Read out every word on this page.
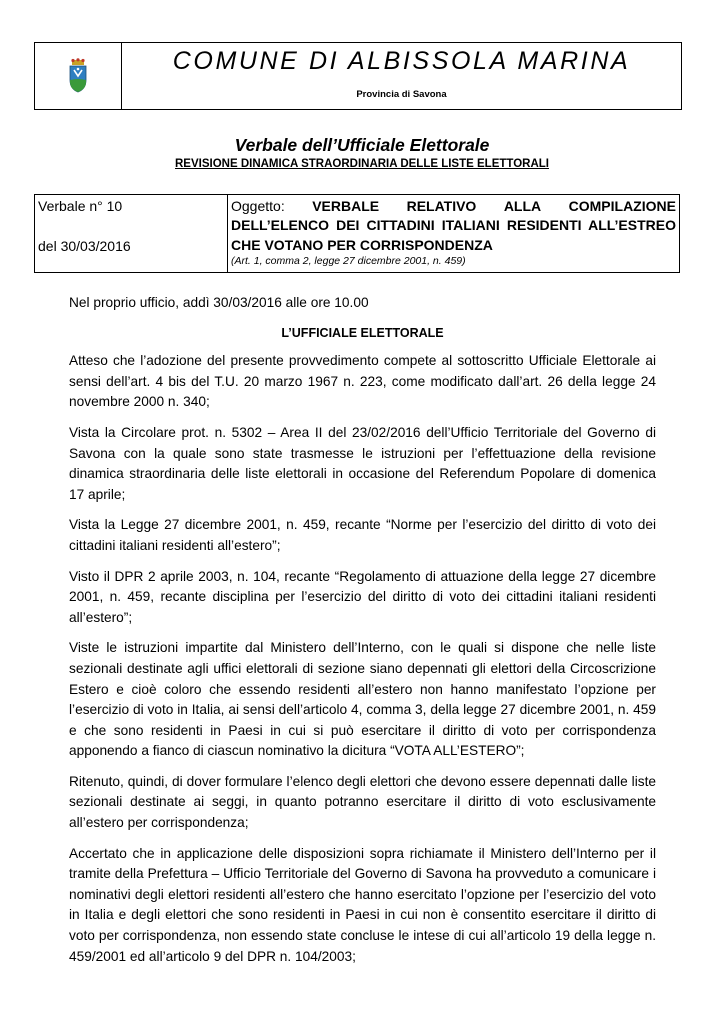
COMUNE DI ALBISSOLA MARINA
Provincia di Savona
Verbale dell’Ufficiale Elettorale
REVISIONE DINAMICA STRAORDINARIA DELLE LISTE ELETTORALI
Verbale n° 10
del 30/03/2016
Oggetto: VERBALE RELATIVO ALLA COMPILAZIONE
DELL’ELENCO DEI CITTADINI ITALIANI RESIDENTI ALL’ESTREO CHE VOTANO PER CORRISPONDENZA
(Art. 1, comma 2, legge 27 dicembre 2001, n. 459)

Nel proprio ufficio, addì 30/03/2016 alle ore 10.00

L’UFFICIALE ELETTORALE

Atteso che l’adozione del presente provvedimento compete al sottoscritto Ufficiale Elettorale ai sensi dell’art. 4 bis del T.U. 20 marzo 1967 n. 223, come modificato dall’art. 26 della legge 24 novembre 2000 n. 340;

Vista la Circolare prot. n. 5302 – Area II del 23/02/2016 dell’Ufficio Territoriale del Governo di Savona con la quale sono state trasmesse le istruzioni per l’effettuazione della revisione dinamica straordinaria delle liste elettorali in occasione del Referendum Popolare di domenica 17 aprile;

Vista la Legge 27 dicembre 2001, n. 459, recante “Norme per l’esercizio del diritto di voto dei cittadini italiani residenti all’estero”;

Visto il DPR 2 aprile 2003, n. 104, recante “Regolamento di attuazione della legge 27 dicembre 2001, n. 459, recante disciplina per l’esercizio del diritto di voto dei cittadini italiani residenti all’estero”;

Viste le istruzioni impartite dal Ministero dell’Interno, con le quali si dispone che nelle liste sezionali destinate agli uffici elettorali di sezione siano depennati gli elettori della Circoscrizione Estero e cioè coloro che essendo residenti all’estero non hanno manifestato l’opzione per l’esercizio di voto in Italia, ai sensi dell’articolo 4, comma 3, della legge 27 dicembre 2001, n. 459 e che sono residenti in Paesi in cui si può esercitare il diritto di voto per corrispondenza apponendo a fianco di ciascun nominativo la dicitura “VOTA ALL’ESTERO”;

Ritenuto, quindi, di dover formulare l’elenco degli elettori che devono essere depennati dalle liste sezionali destinate ai seggi, in quanto potranno esercitare il diritto di voto esclusivamente all’estero per corrispondenza;

Accertato che in applicazione delle disposizioni sopra richiamate il Ministero dell’Interno per il tramite della Prefettura – Ufficio Territoriale del Governo di Savona ha provveduto a comunicare i nominativi degli elettori residenti all’estero che hanno esercitato l’opzione per l’esercizio del voto in Italia e degli elettori che sono residenti in Paesi in cui non è consentito esercitare il diritto di voto per corrispondenza, non essendo state concluse le intese di cui all’articolo 19 della legge n. 459/2001 ed all’articolo 9 del DPR n. 104/2003;
